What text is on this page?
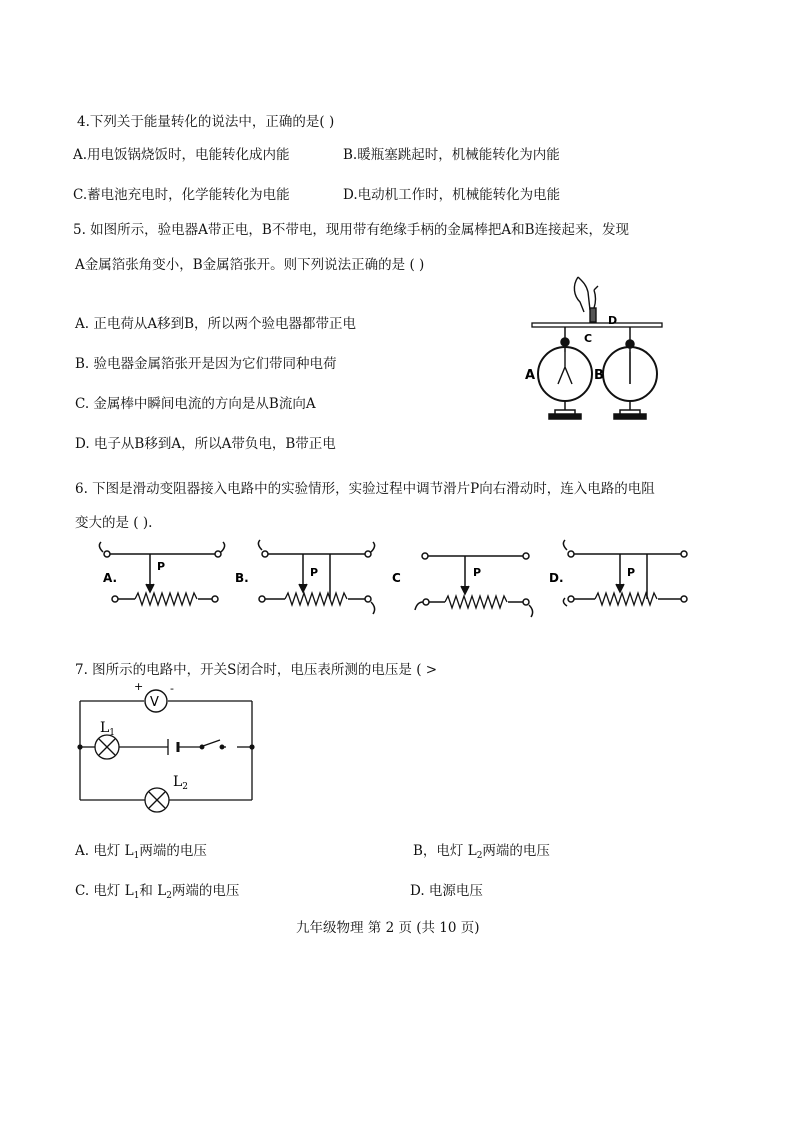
4.下列关于能量转化的说法中，正确的是( )
A.用电饭锅烧饭时，电能转化成内能	B.暖瓶塞跳起时，机械能转化为内能
C.蓄电池充电时，化学能转化为电能	D.电动机工作时，机械能转化为电能
5. 如图所示，验电器A带正电，B不带电，现用带有绝缘手柄的金属棒把A和B连接起来，发现
A金属箔张角变小，B金属箔张开。则下列说法正确的是 ( )
A. 正电荷从A移到B，所以两个验电器都带正电
B. 验电器金属箔张开是因为它们带同种电荷
C. 金属棒中瞬间电流的方向是从B流向A
D. 电子从B移到A，所以A带负电，B带正电
C
D
A	B
6. 下图是滑动变阻器接入电路中的实验情形，实验过程中调节滑片P向右滑动时，连入电路的电阻
变大的是 ( ).
A.
P
B.	P	C	P	D.	P
7. 图所示的电路中，开关S闭合时，电压表所测的电压是 ( >
V
+ -
$L_1$
$L_2$
A. 电灯 $L_1$两端的电压	B，电灯 $L_2$两端的电压
C. 电灯 $L_1$和 $L_2$两端的电压	D. 电源电压
九年级物理 第 2 页 (共 10 页)
